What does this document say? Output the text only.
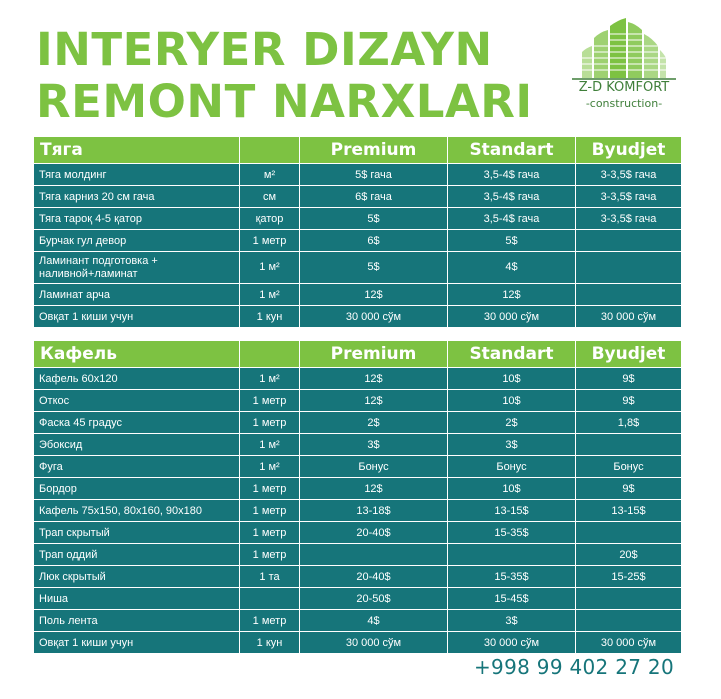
INTERYER DIZAYN
REMONT NARXLARI	Z-D KOMFORT
-construction-
Тяга		Premium	Standart	Byudjet
Тяга молдинг	м²	5$ гача	3,5-4$ гача	3-3,5$ гача
Тяга карниз 20 см гача	см	6$ гача	3,5-4$ гача	3-3,5$ гача
Тяга тароқ 4-5 қатор	қатор	5$	3,5-4$ гача	3-3,5$ гача
Бурчак гул девор	1 метр	6$	5$	
Ламинант подготовка + наливной+ламинат	1 м²	5$	4$	
Ламинат арча	1 м²	12$	12$	
Овқат 1 киши учун	1 кун	30 000 сўм	30 000 сўм	30 000 сўм
Кафель		Premium	Standart	Byudjet
Кафель 60х120	1 м²	12$	10$	9$
Откос	1 метр	12$	10$	9$
Фаска 45 градус	1 метр	2$	2$	1,8$
Эбоксид	1 м²	3$	3$	
Фуга	1 м²	Бонус	Бонус	Бонус
Бордор	1 метр	12$	10$	9$
Кафель 75х150, 80х160, 90х180	1 метр	13-18$	13-15$	13-15$
Трап скрытый	1 метр	20-40$	15-35$	
Трап оддий	1 метр			20$
Люк скрытый	1 та	20-40$	15-35$	15-25$
Ниша		20-50$	15-45$	
Поль лента	1 метр	4$	3$	
Овқат 1 киши учун	1 кун	30 000 сўм	30 000 сўм	30 000 сўм
+998 99 402 27 20
